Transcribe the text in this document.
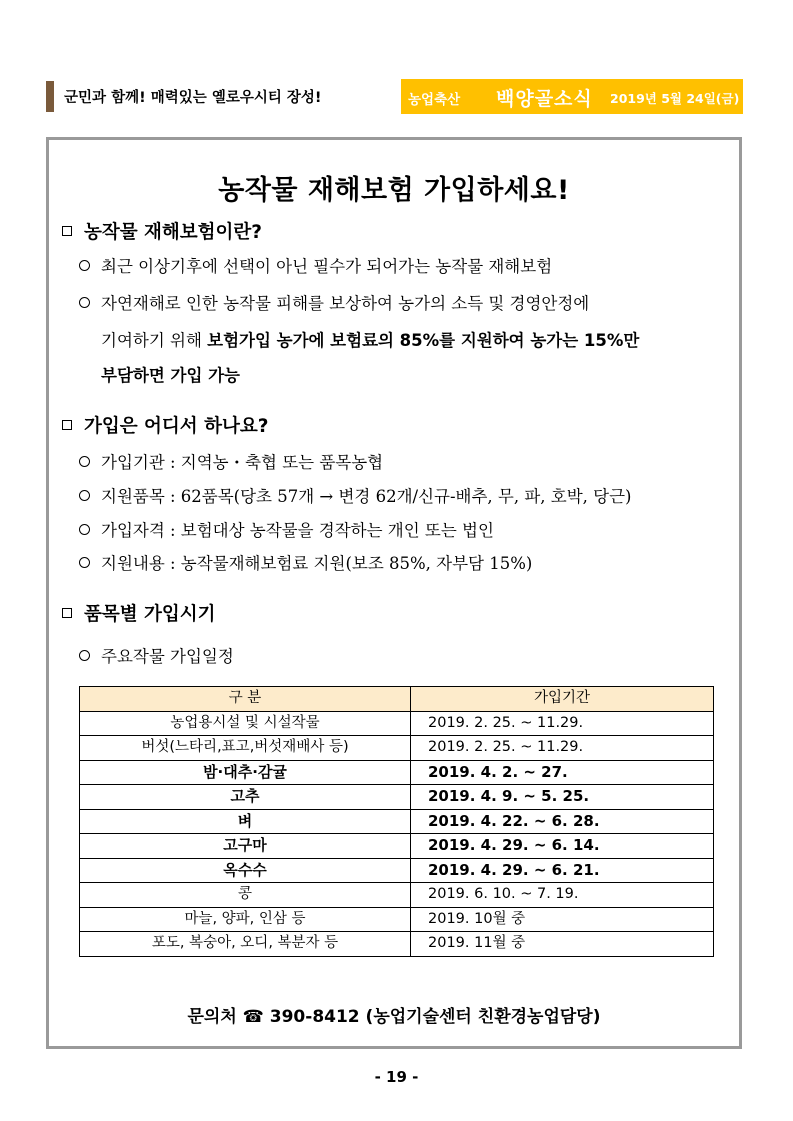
군민과 함께! 매력있는 옐로우시티 장성!	농업축산 백양골소식 2019년 5월 24일(금)
농작물 재해보험 가입하세요!
농작물 재해보험이란?
최근 이상기후에 선택이 아닌 필수가 되어가는 농작물 재해보험
자연재해로 인한 농작물 피해를 보상하여 농가의 소득 및 경영안정에
기여하기 위해 보험가입 농가에 보험료의 85%를 지원하여 농가는 15%만
부담하면 가입 가능
가입은 어디서 하나요?
가입기관 : 지역농・축협 또는 품목농협
지원품목 : 62품목(당초 57개 → 변경 62개/신규-배추, 무, 파, 호박, 당근)
가입자격 : 보험대상 농작물을 경작하는 개인 또는 법인
지원내용 : 농작물재해보험료 지원(보조 85%, 자부담 15%)
품목별 가입시기
주요작물 가입일정
구 분	가입기간
농업용시설 및 시설작물	2019. 2. 25. ~ 11.29.
버섯(느타리,표고,버섯재배사 등)	2019. 2. 25. ~ 11.29.
밤·대추·감귤	2019. 4. 2. ~ 27.
고추	2019. 4. 9. ~ 5. 25.
벼	2019. 4. 22. ~ 6. 28.
고구마	2019. 4. 29. ~ 6. 14.
옥수수	2019. 4. 29. ~ 6. 21.
콩	2019. 6. 10. ~ 7. 19.
마늘, 양파, 인삼 등	2019. 10월 중
포도, 복숭아, 오디, 복분자 등	2019. 11월 중
문의처 ☎ 390-8412 (농업기술센터 친환경농업담당)
- 19 -
